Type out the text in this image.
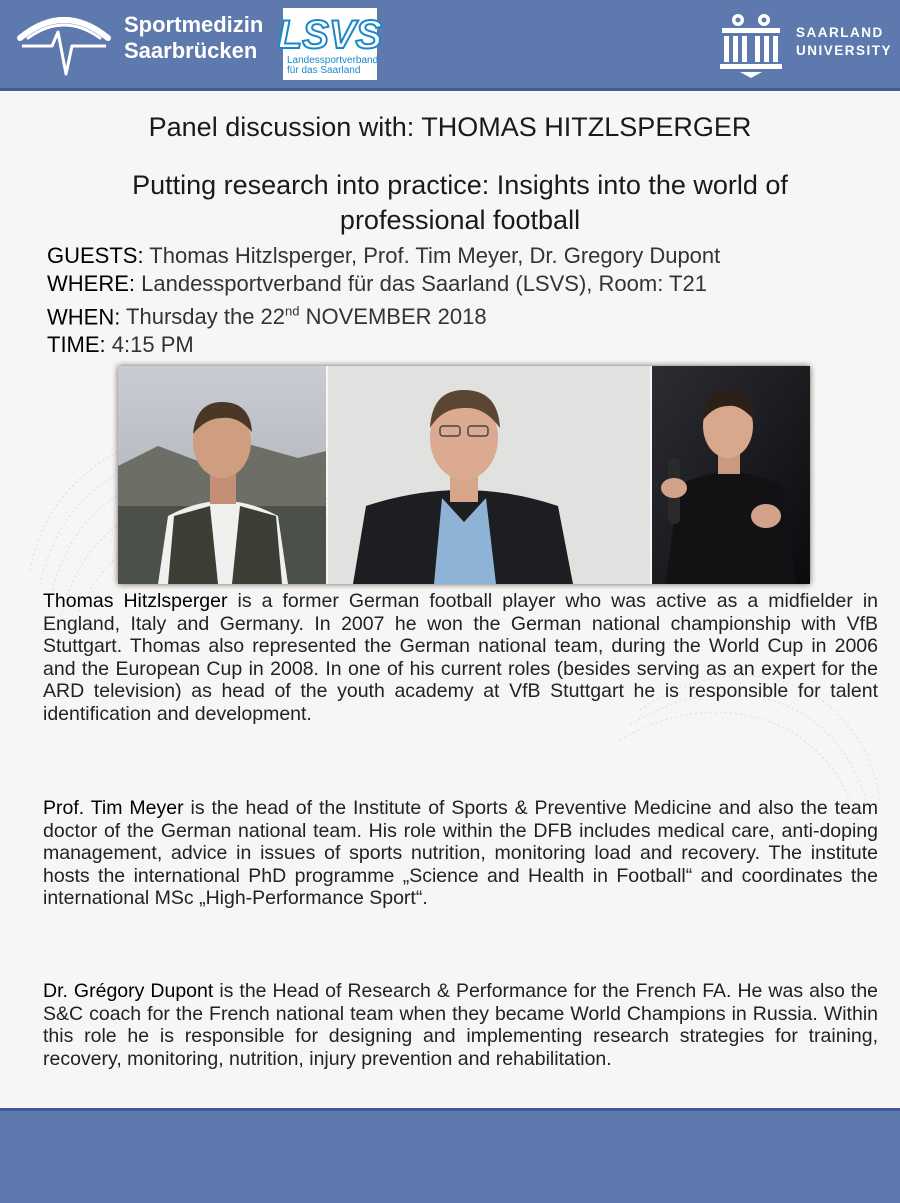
Sportmedizin
Saarbrücken LSVS
Landessportverband
für das Saarland
SAARLAND
UNIVERSITY
Panel discussion with: THOMAS HITZLSPERGER
Putting research into practice: Insights into the world of professional football
GUESTS: Thomas Hitzlsperger, Prof. Tim Meyer, Dr. Gregory Dupont
WHERE: Landessportverband für das Saarland (LSVS), Room: T21
WHEN: Thursday the 22nd NOVEMBER 2018
TIME: 4:15 PM

Thomas Hitzlsperger is a former German football player who was active as a midfielder in England, Italy and Germany. In 2007 he won the German national championship with VfB Stuttgart. Thomas also represented the German national team, during the World Cup in 2006 and the European Cup in 2008. In one of his current roles (besides serving as an expert for the ARD television) as head of the youth academy at VfB Stuttgart he is responsible for talent identification and development.

Prof. Tim Meyer is the head of the Institute of Sports & Preventive Medicine and also the team doctor of the German national team. His role within the DFB includes medical care, anti-doping management, advice in issues of sports nutrition, monitoring load and recovery. The institute hosts the international PhD programme „Science and Health in Football“ and coordinates the international MSc „High-Performance Sport“.

Dr. Grégory Dupont is the Head of Research & Performance for the French FA. He was also the S&C coach for the French national team when they became World Champions in Russia. Within this role he is responsible for designing and implementing research strategies for training, recovery, monitoring, nutrition, injury prevention and rehabilitation.
